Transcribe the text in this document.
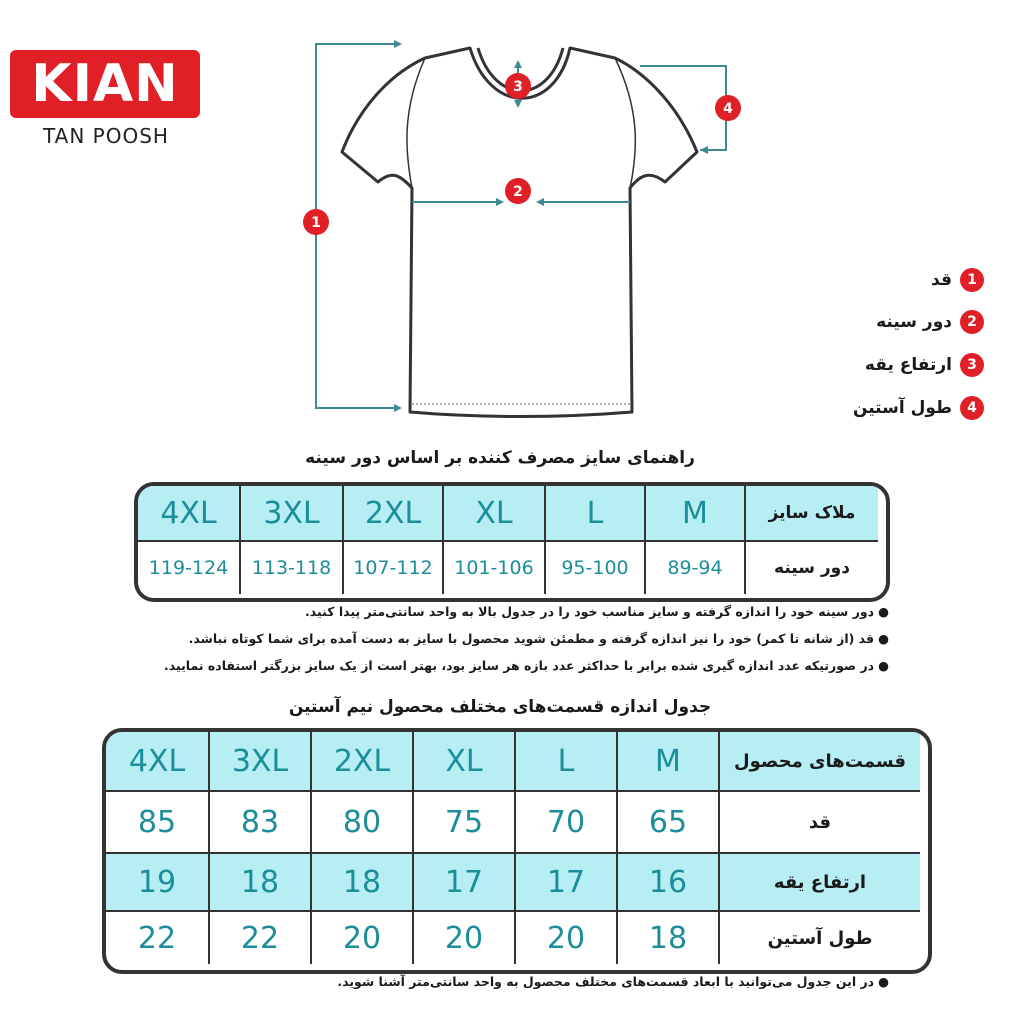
KIAN
TAN POOSH
1
2
3
4
1
قد
2
دور سینه
3
ارتفاع یقه
4
طول آستین
راهنمای سایز مصرف کننده بر اساس دور سینه
4XL	3XL	2XL	XL	L	M	ملاک سایز
119-124	113-118	107-112	101-106	95-100	89-94	دور سینه
● دور سینه خود را اندازه گرفته و سایز مناسب خود را در جدول بالا به واحد سانتی‌متر پیدا کنید.
● قد (از شانه تا کمر) خود را نیز اندازه گرفته و مطمئن شوید محصول با سایز به دست آمده برای شما کوتاه نباشد.
● در صورتیکه عدد اندازه گیری شده برابر با حداکثر عدد بازه هر سایز بود، بهتر است از یک سایز بزرگتر استفاده نمایید.
جدول اندازه قسمت‌های مختلف محصول نیم آستین
4XL	3XL	2XL	XL	L	M	قسمت‌های محصول
85	83	80	75	70	65	قد
19	18	18	17	17	16	ارتفاع یقه
22	22	20	20	20	18	طول آستین
● در این جدول می‌توانید با ابعاد قسمت‌های مختلف محصول به واحد سانتی‌متر آشنا شوید.
